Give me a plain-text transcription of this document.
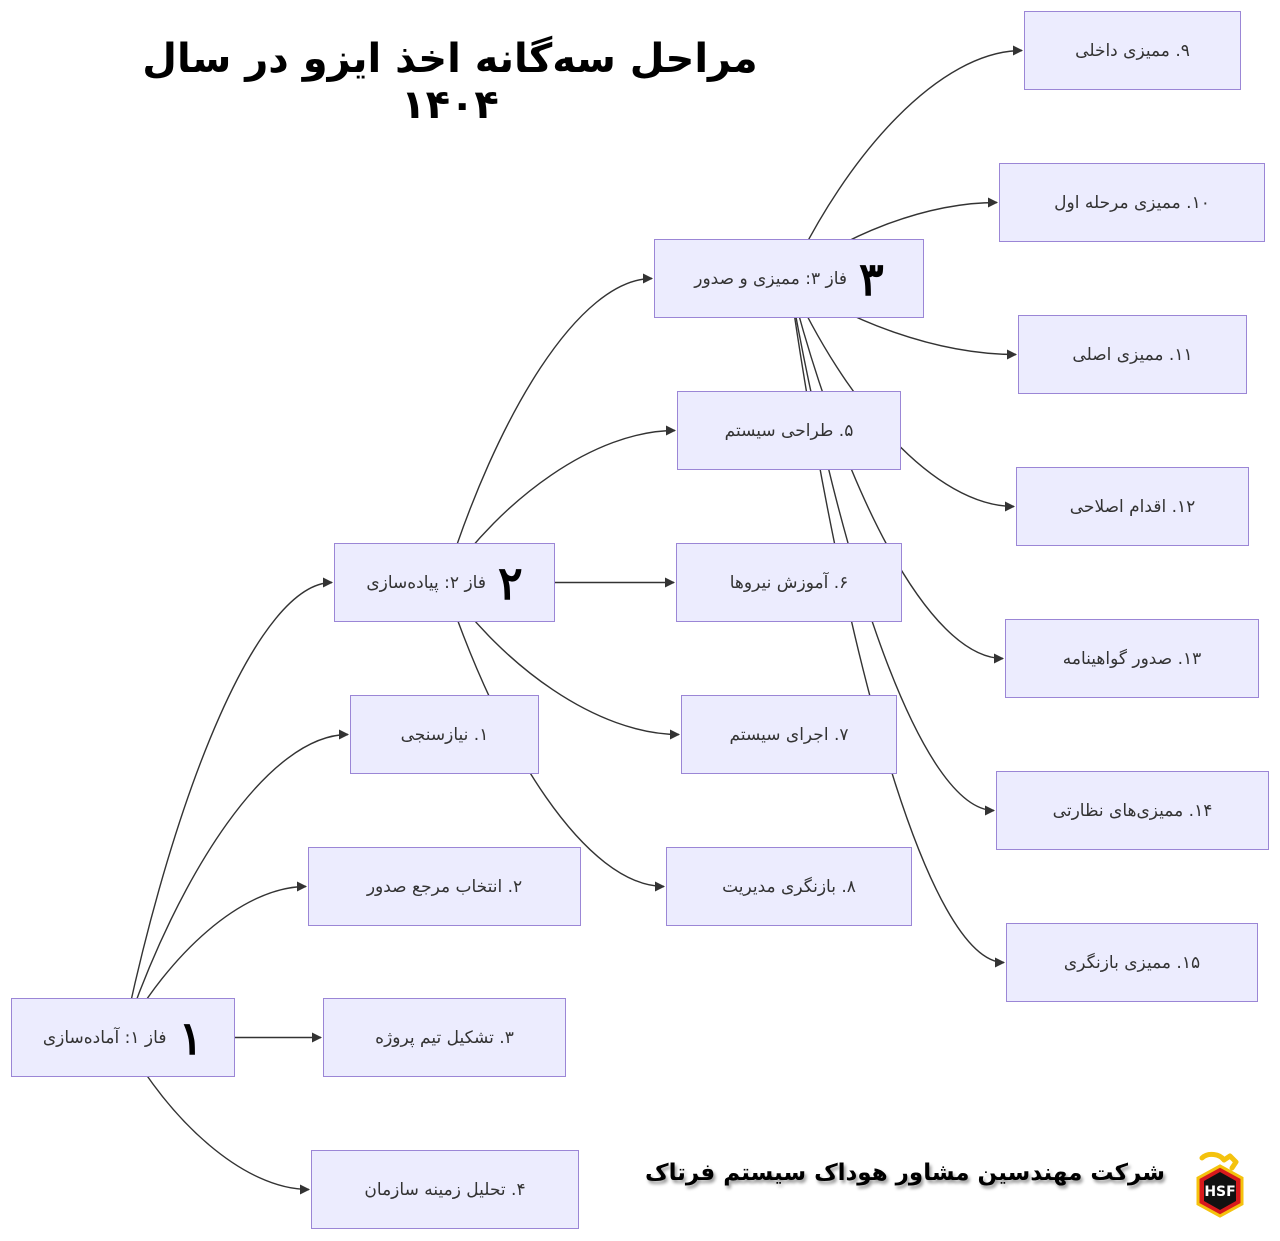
مراحل سه‌گانه اخذ ایزو در سال ۱۴۰۴
۱
فاز ۱: آماده‌سازی
۲
فاز ۲: پیاده‌سازی
۳
فاز ۳: ممیزی و صدور
۱. نیازسنجی
۲. انتخاب مرجع صدور
۳. تشکیل تیم پروژه
۴. تحلیل زمینه سازمان
۵. طراحی سیستم
۶. آموزش نیروها
۷. اجرای سیستم
۸. بازنگری مدیریت
۹. ممیزی داخلی
۱۰. ممیزی مرحله اول
۱۱. ممیزی اصلی
۱۲. اقدام اصلاحی
۱۳. صدور گواهینامه
۱۴. ممیزی‌های نظارتی
۱۵. ممیزی بازنگری
شرکت مهندسین مشاور هوداک سیستم فرتاک
HSF
